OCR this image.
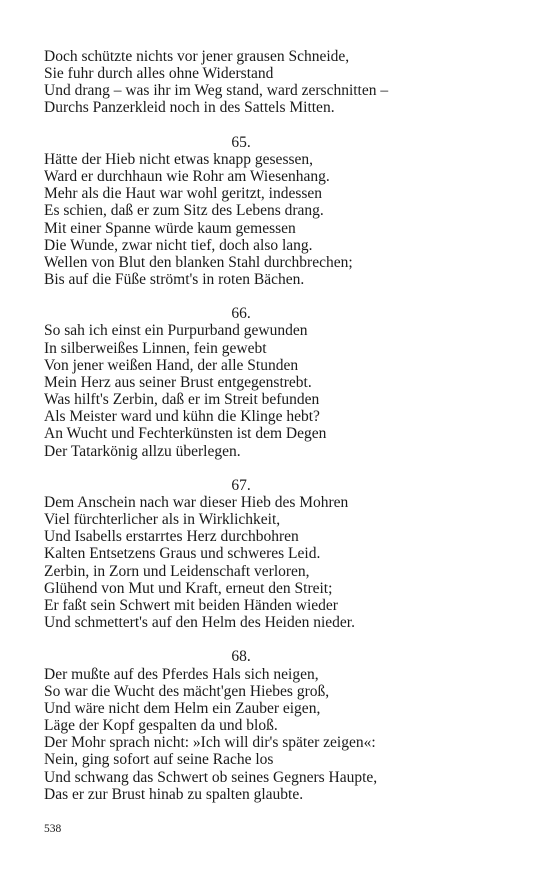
Doch schützte nichts vor jener grausen Schneide,
Sie fuhr durch alles ohne Widerstand
Und drang – was ihr im Weg stand, ward zerschnitten –
Durchs Panzerkleid noch in des Sattels Mitten.
65.
Hätte der Hieb nicht etwas knapp gesessen,
Ward er durchhaun wie Rohr am Wiesenhang.
Mehr als die Haut war wohl geritzt, indessen
Es schien, daß er zum Sitz des Lebens drang.
Mit einer Spanne würde kaum gemessen
Die Wunde, zwar nicht tief, doch also lang.
Wellen von Blut den blanken Stahl durchbrechen;
Bis auf die Füße strömt's in roten Bächen.
66.
So sah ich einst ein Purpurband gewunden
In silberweißes Linnen, fein gewebt
Von jener weißen Hand, der alle Stunden
Mein Herz aus seiner Brust entgegenstrebt.
Was hilft's Zerbin, daß er im Streit befunden
Als Meister ward und kühn die Klinge hebt?
An Wucht und Fechterkünsten ist dem Degen
Der Tatarkönig allzu überlegen.
67.
Dem Anschein nach war dieser Hieb des Mohren
Viel fürchterlicher als in Wirklichkeit,
Und Isabells erstarrtes Herz durchbohren
Kalten Entsetzens Graus und schweres Leid.
Zerbin, in Zorn und Leidenschaft verloren,
Glühend von Mut und Kraft, erneut den Streit;
Er faßt sein Schwert mit beiden Händen wieder
Und schmettert's auf den Helm des Heiden nieder.
68.
Der mußte auf des Pferdes Hals sich neigen,
So war die Wucht des mächt'gen Hiebes groß,
Und wäre nicht dem Helm ein Zauber eigen,
Läge der Kopf gespalten da und bloß.
Der Mohr sprach nicht: »Ich will dir's später zeigen«:
Nein, ging sofort auf seine Rache los
Und schwang das Schwert ob seines Gegners Haupte,
Das er zur Brust hinab zu spalten glaubte.
538
